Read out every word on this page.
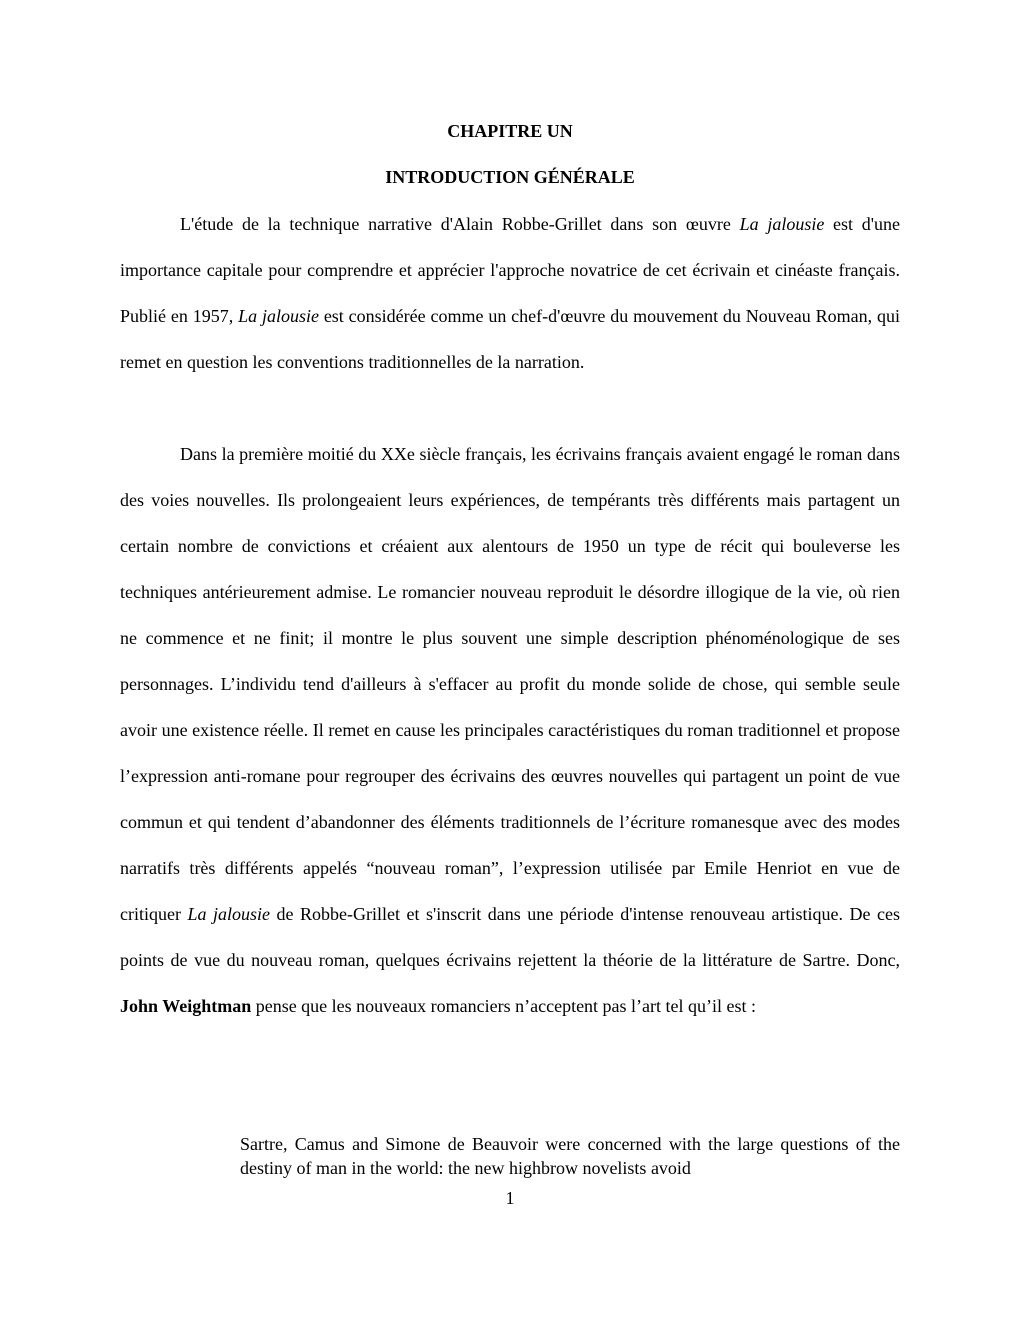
CHAPITRE UN
INTRODUCTION GÉNÉRALE

L'étude de la technique narrative d'Alain Robbe-Grillet dans son œuvre La jalousie est d'une importance capitale pour comprendre et apprécier l'approche novatrice de cet écrivain et cinéaste français. Publié en 1957, La jalousie est considérée comme un chef-d'œuvre du mouvement du Nouveau Roman, qui remet en question les conventions traditionnelles de la narration.

Dans la première moitié du XXe siècle français, les écrivains français avaient engagé le roman dans des voies nouvelles. Ils prolongeaient leurs expériences, de tempérants très différents mais partagent un certain nombre de convictions et créaient aux alentours de 1950 un type de récit qui bouleverse les techniques antérieurement admise. Le romancier nouveau reproduit le désordre illogique de la vie, où rien ne commence et ne finit; il montre le plus souvent une simple description phénoménologique de ses personnages. L’individu tend d'ailleurs à s'effacer au profit du monde solide de chose, qui semble seule avoir une existence réelle. Il remet en cause les principales caractéristiques du roman traditionnel et propose l’expression anti-romane pour regrouper des écrivains des œuvres nouvelles qui partagent un point de vue commun et qui tendent d’abandonner des éléments traditionnels de l’écriture romanesque avec des modes narratifs très différents appelés “nouveau roman”, l’expression utilisée par Emile Henriot en vue de critiquer La jalousie de Robbe-Grillet et s'inscrit dans une période d'intense renouveau artistique. De ces points de vue du nouveau roman, quelques écrivains rejettent la théorie de la littérature de Sartre. Donc, John Weightman pense que les nouveaux romanciers n’acceptent pas l’art tel qu’il est :

Sartre, Camus and Simone de Beauvoir were concerned with the large questions of the destiny of man in the world: the new highbrow novelists avoid

1
